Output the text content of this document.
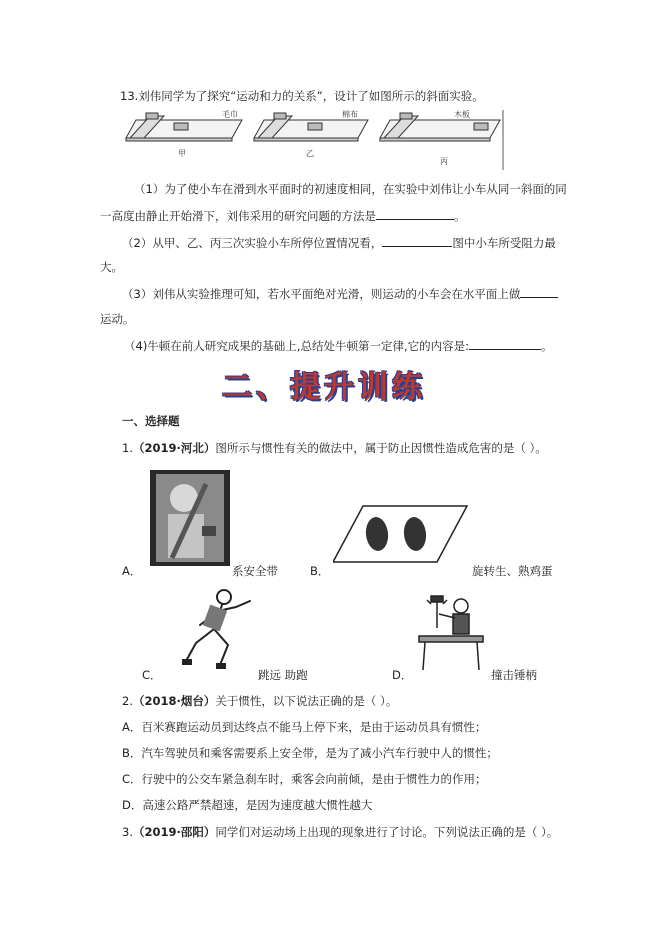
13.刘伟同学为了探究“运动和力的关系”，设计了如图所示的斜面实验。
毛巾
甲
棉布
乙
木板
丙
（1）为了使小车在滑到水平面时的初速度相同，在实验中刘伟让小车从同一斜面的同
一高度由静止开始滑下，刘伟采用的研究问题的方法是	。
（2）从甲、乙、丙三次实验小车所停位置情况看，	图中小车所受阻力最
大。
（3）刘伟从实验推理可知，若水平面绝对光滑，则运动的小车会在水平面上做
运动。
（4)牛顿在前人研究成果的基础上,总结处牛顿第一定律,它的内容是:	。
二、提升训练
一、选择题
1.（2019·河北）图所示与惯性有关的做法中，属于防止因惯性造成危害的是（ ）。
A．	系安全带	B．	旋转生、熟鸡蛋
C．	跳远 助跑	D．	撞击锤柄
2.（2018·烟台）关于惯性，以下说法正确的是（ ）。
A．百米赛跑运动员到达终点不能马上停下来，是由于运动员具有惯性；
B．汽车驾驶员和乘客需要系上安全带，是为了减小汽车行驶中人的惯性；
C．行驶中的公交车紧急刹车时，乘客会向前倾，是由于惯性力的作用；
D．高速公路严禁超速，是因为速度越大惯性越大
3.（2019·邵阳）同学们对运动场上出现的现象进行了讨论。下列说法正确的是（ ）。
